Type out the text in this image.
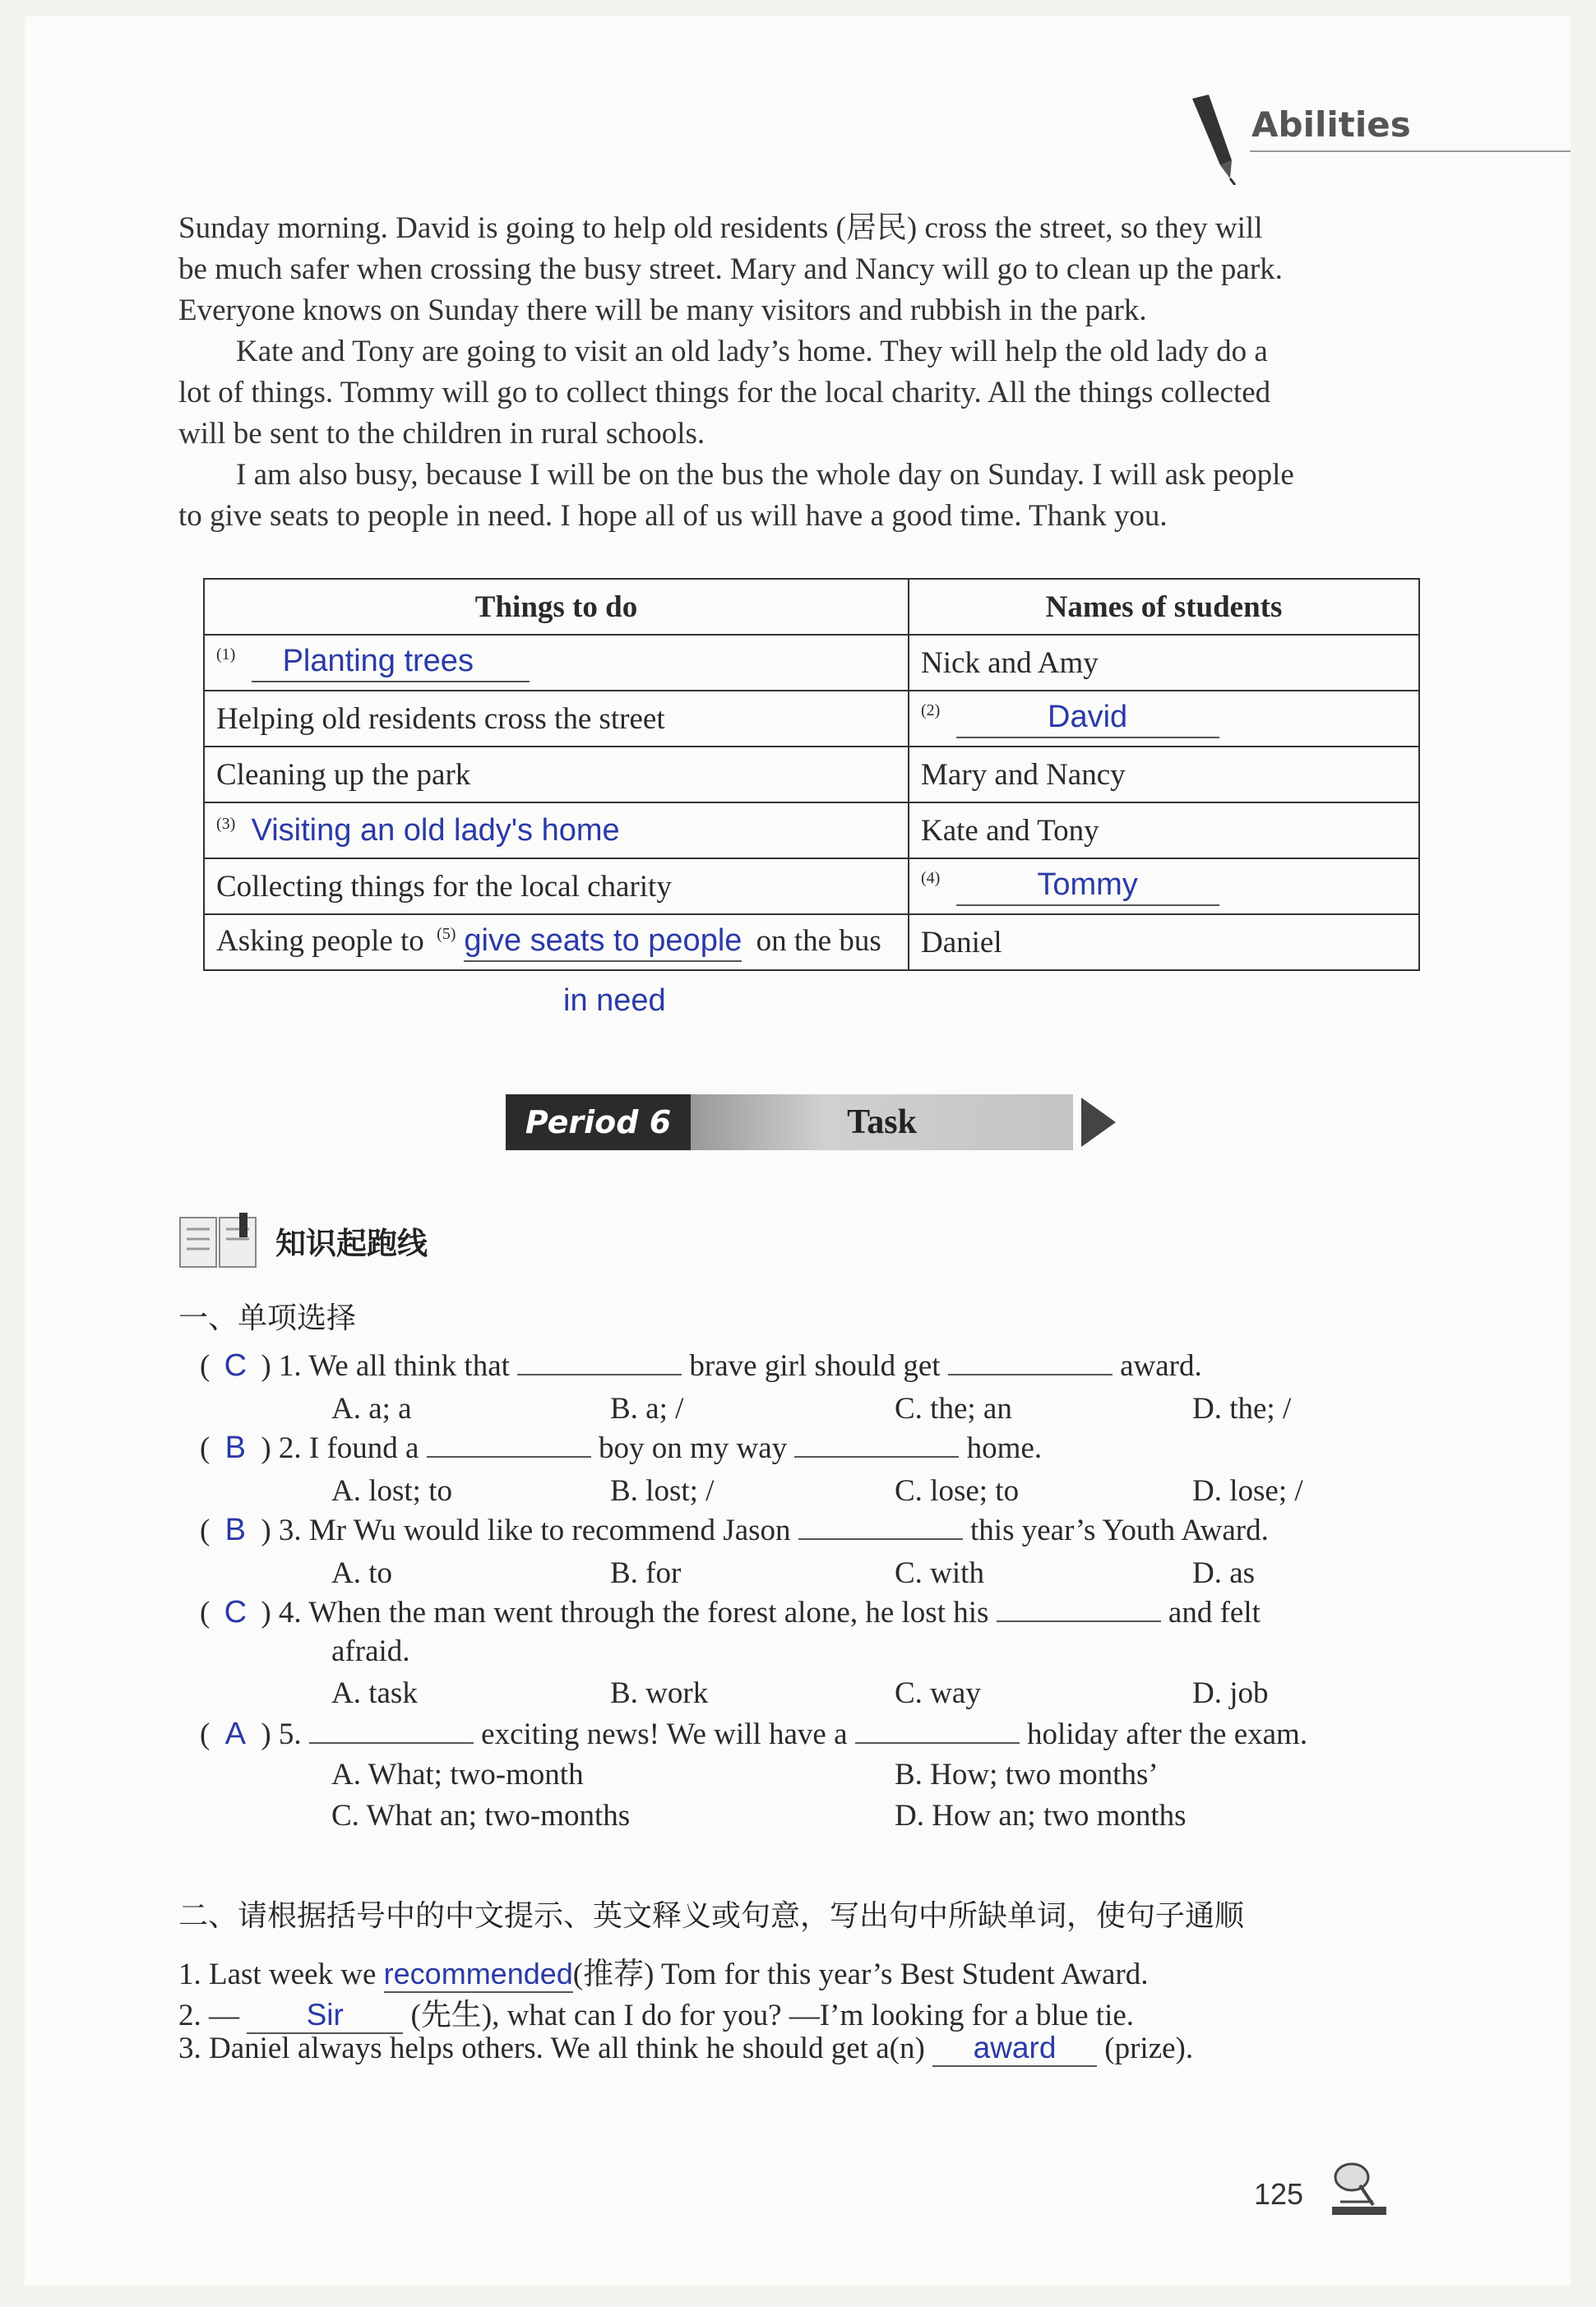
Abilities
Sunday morning. David is going to help old residents (居民) cross the street, so they will
be much safer when crossing the busy street. Mary and Nancy will go to clean up the park.
Everyone knows on Sunday there will be many visitors and rubbish in the park.
Kate and Tony are going to visit an old lady’s home. They will help the old lady do a
lot of things. Tommy will go to collect things for the local charity. All the things collected
will be sent to the children in rural schools.
I am also busy, because I will be on the bus the whole day on Sunday. I will ask people
to give seats to people in need. I hope all of us will have a good time. Thank you.
Things to do	Names of students
$^{(1)}$ Planting trees	Nick and Amy
Helping old residents cross the street	$^{(2)}$ David
Cleaning up the park	Mary and Nancy
$^{(3)}$ Visiting an old lady's home	Kate and Tony
Collecting things for the local charity	$^{(4)}$ Tommy
Asking people to $^{(5)}$ give seats to people on the bus	Daniel
in need
Period 6	Task
知识起跑线
一、单项选择
( C ) 1. We all think that	brave girl should get	award.
A. a; a	B. a; /	C. the; an	D. the; /
( B ) 2. I found a	boy on my way	home.
A. lost; to	B. lost; /	C. lose; to	D. lose; /
( B ) 3. Mr Wu would like to recommend Jason	this year’s Youth Award.
A. to	B. for	C. with	D. as
( C ) 4. When the man went through the forest alone, he lost his	and felt
afraid.
A. task	B. work	C. way	D. job
( A ) 5.	exciting news! We will have a	holiday after the exam.
A. What; two-month	B. How; two months’
C. What an; two-months	D. How an; two months
二、请根据括号中的中文提示、英文释义或句意，写出句中所缺单词，使句子通顺
1. Last week we recommended(推荐) Tom for this year’s Best Student Award.
2. — Sir (先生), what can I do for you? —I’m looking for a blue tie.
3. Daniel always helps others. We all think he should get a(n) award (prize).
125
